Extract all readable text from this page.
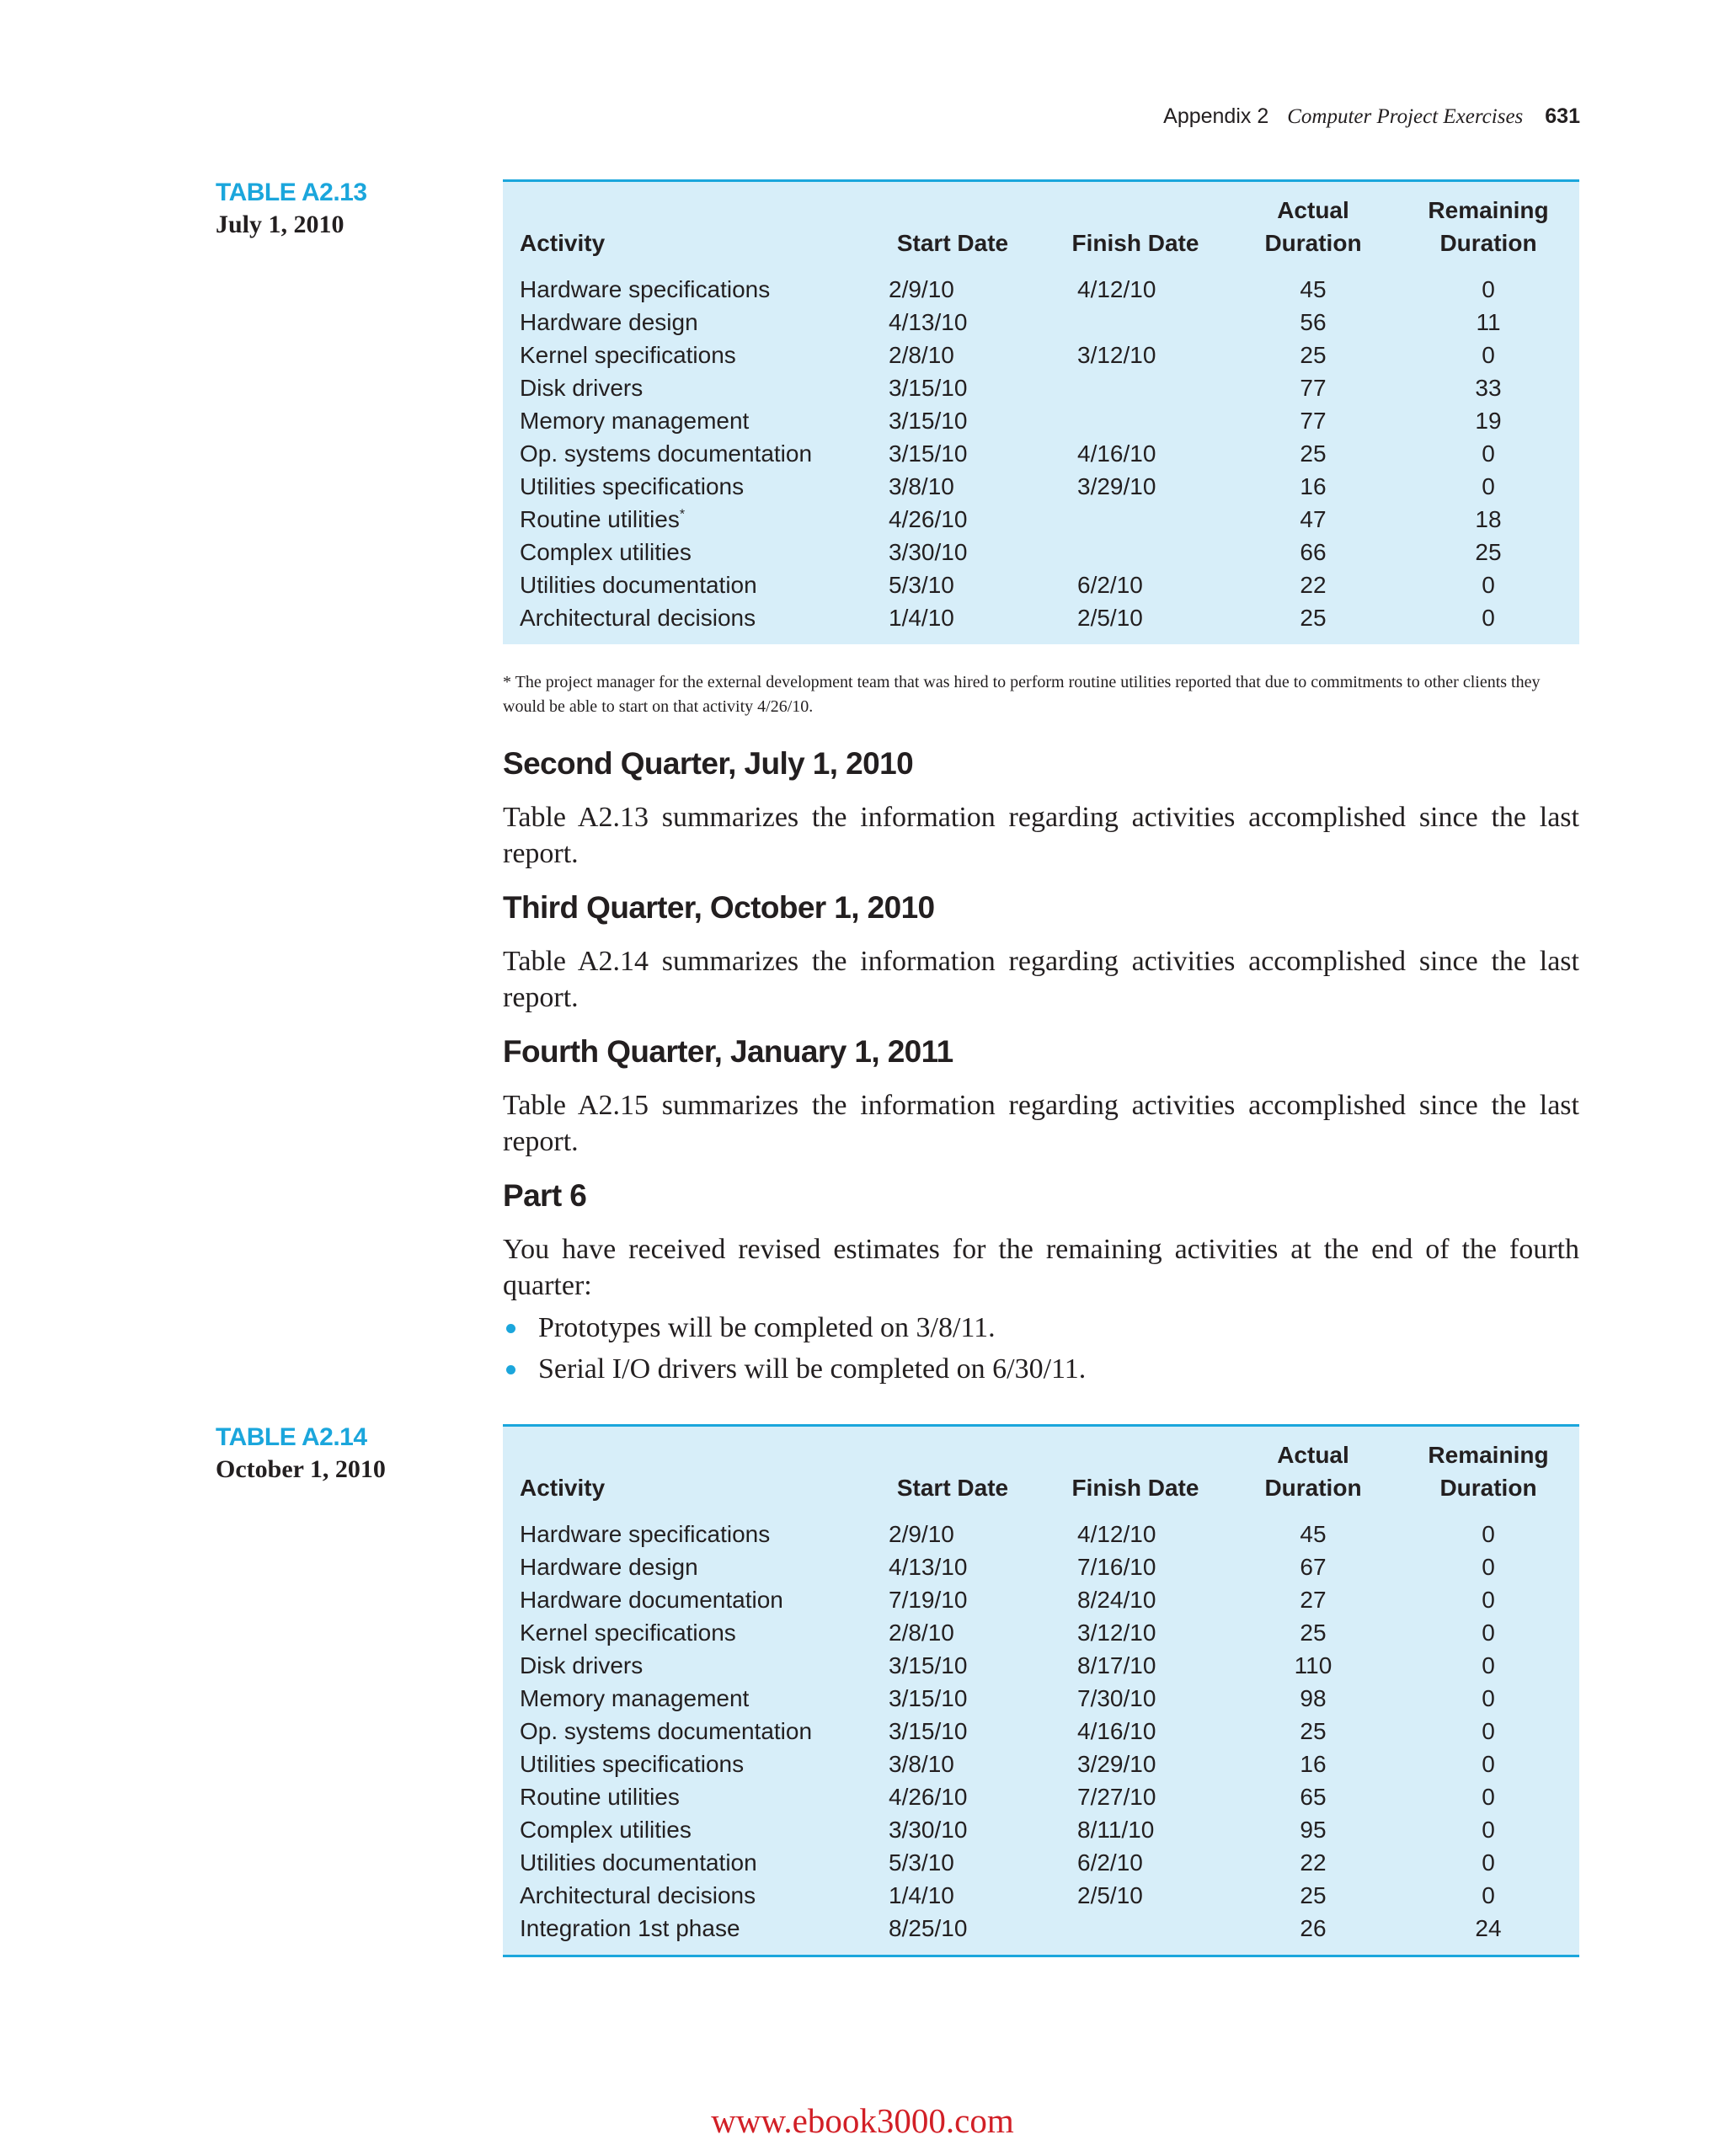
Appendix 2 Computer Project Exercises 631
TABLE A2.13
July 1, 2010
			Actual	Remaining
Activity	Start Date	Finish Date	Duration	Duration
Hardware specifications	2/9/10	4/12/10	45	0
Hardware design	4/13/10		56	11
Kernel specifications	2/8/10	3/12/10	25	0
Disk drivers	3/15/10		77	33
Memory management	3/15/10		77	19
Op. systems documentation	3/15/10	4/16/10	25	0
Utilities specifications	3/8/10	3/29/10	16	0
Routine utilities*	4/26/10		47	18
Complex utilities	3/30/10		66	25
Utilities documentation	5/3/10	6/2/10	22	0
Architectural decisions	1/4/10	2/5/10	25	0
* The project manager for the external development team that was hired to perform routine utilities reported that due to commitments to other clients they would be able to start on that activity 4/26/10.
Second Quarter, July 1, 2010
Table A2.13 summarizes the information regarding activities accomplished since the last report.
Third Quarter, October 1, 2010
Table A2.14 summarizes the information regarding activities accomplished since the last report.
Fourth Quarter, January 1, 2011
Table A2.15 summarizes the information regarding activities accomplished since the last report.
Part 6
You have received revised estimates for the remaining activities at the end of the fourth quarter:
Prototypes will be completed on 3/8/11.
Serial I/O drivers will be completed on 6/30/11.
TABLE A2.14
October 1, 2010
			Actual	Remaining
Activity	Start Date	Finish Date	Duration	Duration
Hardware specifications	2/9/10	4/12/10	45	0
Hardware design	4/13/10	7/16/10	67	0
Hardware documentation	7/19/10	8/24/10	27	0
Kernel specifications	2/8/10	3/12/10	25	0
Disk drivers	3/15/10	8/17/10	110	0
Memory management	3/15/10	7/30/10	98	0
Op. systems documentation	3/15/10	4/16/10	25	0
Utilities specifications	3/8/10	3/29/10	16	0
Routine utilities	4/26/10	7/27/10	65	0
Complex utilities	3/30/10	8/11/10	95	0
Utilities documentation	5/3/10	6/2/10	22	0
Architectural decisions	1/4/10	2/5/10	25	0
Integration 1st phase	8/25/10		26	24
www.ebook3000.com
